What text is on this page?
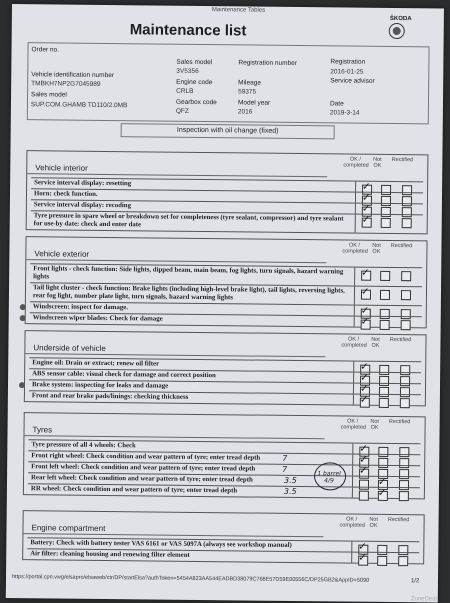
Maintenance Tables
Maintenance list
ŠKODA
Order no.
Vehicle identification number
TMBKH7NP2G7045989
Sales model
SUP.COM.GHAMB TD110/2.0MB
Sales model
3V5356
Engine code
CRLB
Gearbox code
QFZ
Registration number
Mileage
59375
Model year
2016
Registration
2016-01-25
Service advisor
Date
2019-3-14
Inspection with oil change (fixed)
Vehicle interior
OK / completed
Not OK
Rectified
Service interval display: resetting	✓
Horn: check function.	✓
Service interval display: recoding	✓
Tyre pressure in spare wheel or breakdown set for completeness (tyre sealant, compressor) and tyre sealant for use-by date: check and enter date	✓
Vehicle exterior
OK / completed
Not OK
Rectified
Front lights - check function: Side lights, dipped beam, main beam, fog lights, turn signals, hazard warning lights	✓
Tail light cluster - check function: Brake lights (including high-level brake light), tail lights, reversing lights, rear fog light, number plate light, turn signals, hazard warning lights	✓
Windscreen: inspect for damage.	✓
Windscreen wiper blades: Check for damage	✓
Underside of vehicle
OK / completed
Not OK
Rectified
Engine oil: Drain or extract; renew oil filter	✓
ABS sensor cable: visual check for damage and correct position	✓
Brake system: inspecting for leaks and damage	✓
Front and rear brake pads/linings: checking thickness	✓
Tyres
OK / completed
Not OK
Rectified
Tyre pressure of all 4 wheels: Check	✓
Front right wheel: Check condition and wear pattern of tyre; enter tread depth	7	✓
Front left wheel: Check condition and wear pattern of tyre; enter tread depth	7	✓
Rear left wheel: Check condition and wear pattern of tyre; enter tread depth	3.5	✓
RR wheel: Check condition and wear pattern of tyre; enter tread depth	3.5	✓
1 barrel 4/9
Engine compartment
OK / completed
Not OK
Rectified
Battery: Check with battery tester VAS 6161 or VAS 5097A (always see workshop manual)	✓
Air filter: cleaning housing and renewing filter element	✓
https://portal.cpn.vwg/elsapro/elsaweb/ctr/DP/startElsa?authToken=5454A823AA544EADBD38079C768E57D59E00556C/DP25GB2&AppID=5090	1/2
ZoneDeal
